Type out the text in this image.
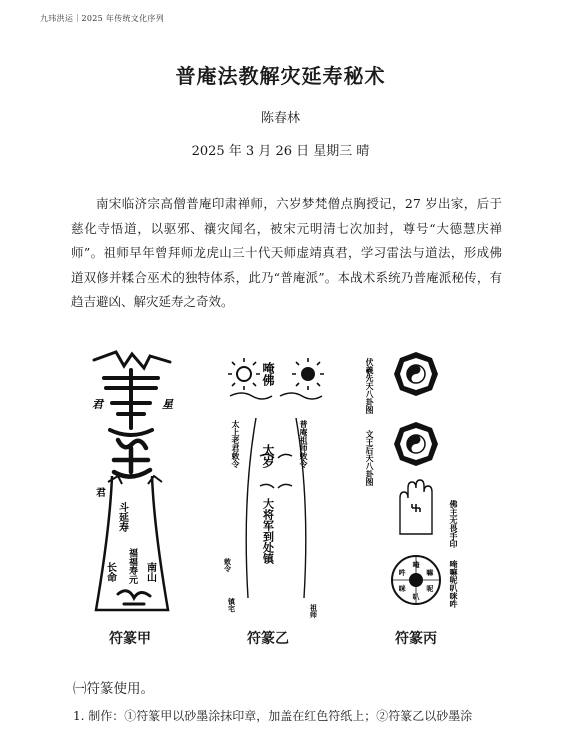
九玮洪运｜2025 年传统文化序列
普庵法教解灾延寿秘术
陈春林
2025 年 3 月 26 日 星期三 晴

南宋临济宗高僧普庵印肃禅师，六岁梦梵僧点胸授记，27 岁出家，后于慈化寺悟道，以驱邪、禳灾闻名，被宋元明清七次加封，尊号“大德慧庆禅师”。祖师早年曾拜师龙虎山三十代天师虚靖真君，学习雷法与道法，形成佛道双修并糅合巫术的独特体系，此乃“普庵派”。本战术系统乃普庵派秘传，有趋吉避凶、解灾延寿之奇效。

君	星
君
斗延寿
南山
长命 福福寿元
唵佛
太上老君敕令	普庵祖师敕令
太岁
大将军到处镇
镇宅	祖师
敕令
伏羲先天八卦图
文王后天八卦图
佛主无畏手印
唵嘛呢叭咪吽
唵
嘛
呢
叭
咪
吽
符篆甲	符篆乙	符篆丙
㈠符篆使用。
1. 制作：①符篆甲以砂墨涂抹印章，加盖在红色符纸上；②符篆乙以砂墨涂
